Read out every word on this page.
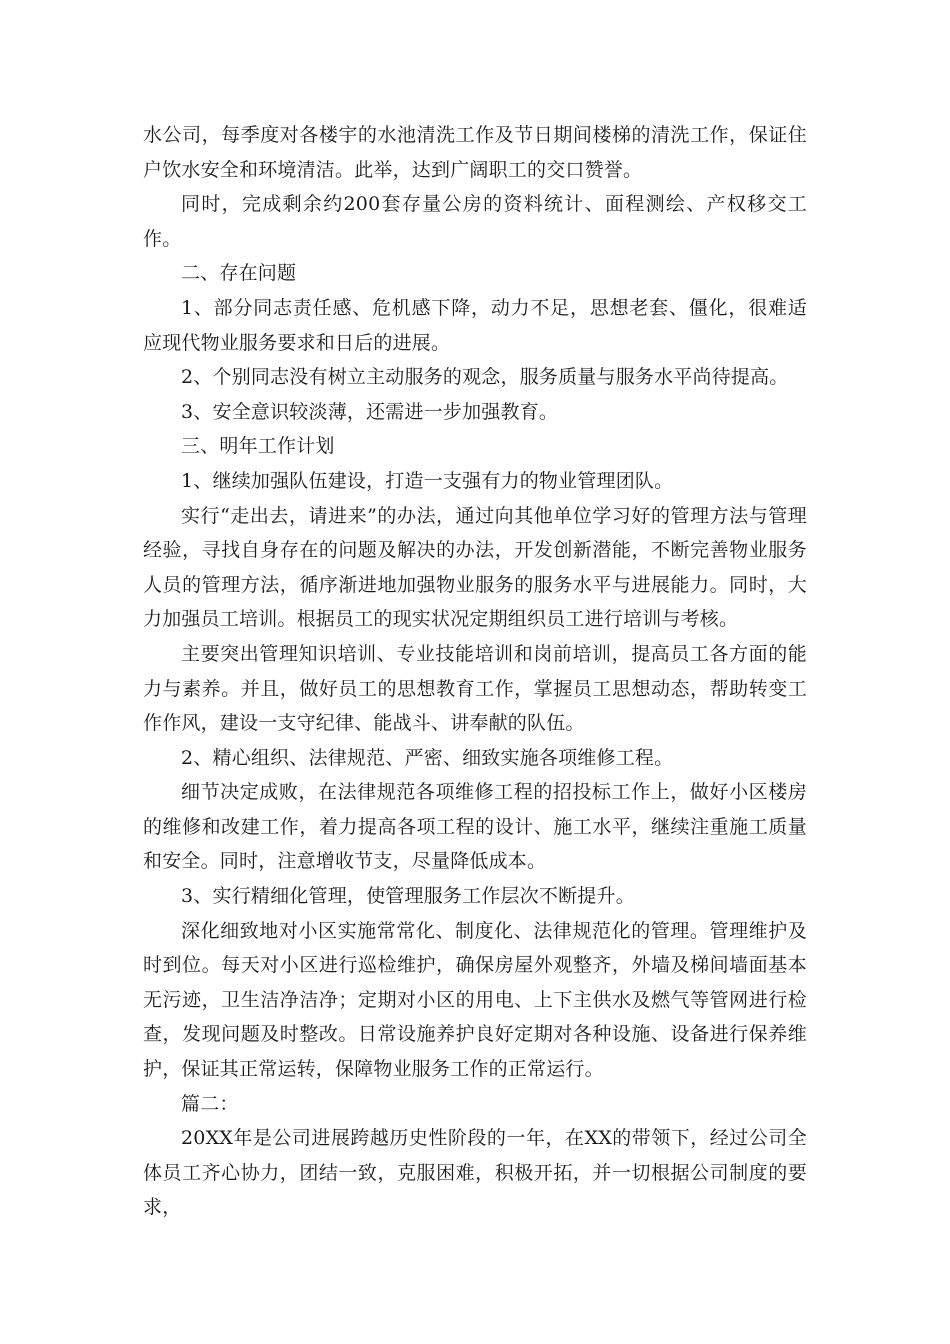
水公司，每季度对各楼宇的水池清洗工作及节日期间楼梯的清洗工作，保证住户饮水安全和环境清洁。此举，达到广阔职工的交口赞誉。

同时，完成剩余约200套存量公房的资料统计、面程测绘、产权移交工作。

二、存在问题

1、部分同志责任感、危机感下降，动力不足，思想老套、僵化，很难适应现代物业服务要求和日后的进展。

2、个别同志没有树立主动服务的观念，服务质量与服务水平尚待提高。

3、安全意识较淡薄，还需进一步加强教育。

三、明年工作计划

1、继续加强队伍建设，打造一支强有力的物业管理团队。

实行“走出去，请进来”的办法，通过向其他单位学习好的管理方法与管理经验，寻找自身存在的问题及解决的办法，开发创新潜能，不断完善物业服务人员的管理方法，循序渐进地加强物业服务的服务水平与进展能力。同时，大力加强员工培训。根据员工的现实状况定期组织员工进行培训与考核。

主要突出管理知识培训、专业技能培训和岗前培训，提高员工各方面的能力与素养。并且，做好员工的思想教育工作，掌握员工思想动态，帮助转变工作作风，建设一支守纪律、能战斗、讲奉献的队伍。

2、精心组织、法律规范、严密、细致实施各项维修工程。

细节决定成败，在法律规范各项维修工程的招投标工作上，做好小区楼房的维修和改建工作，着力提高各项工程的设计、施工水平，继续注重施工质量和安全。同时，注意增收节支，尽量降低成本。

3、实行精细化管理，使管理服务工作层次不断提升。

深化细致地对小区实施常常化、制度化、法律规范化的管理。管理维护及时到位。每天对小区进行巡检维护，确保房屋外观整齐，外墙及梯间墙面基本无污迹，卫生洁净洁净；定期对小区的用电、上下主供水及燃气等管网进行检查，发现问题及时整改。日常设施养护良好定期对各种设施、设备进行保养维护，保证其正常运转，保障物业服务工作的正常运行。

篇二：

20XX年是公司进展跨越历史性阶段的一年，在XX的带领下，经过公司全体员工齐心协力，团结一致，克服困难，积极开拓，并一切根据公司制度的要求，
